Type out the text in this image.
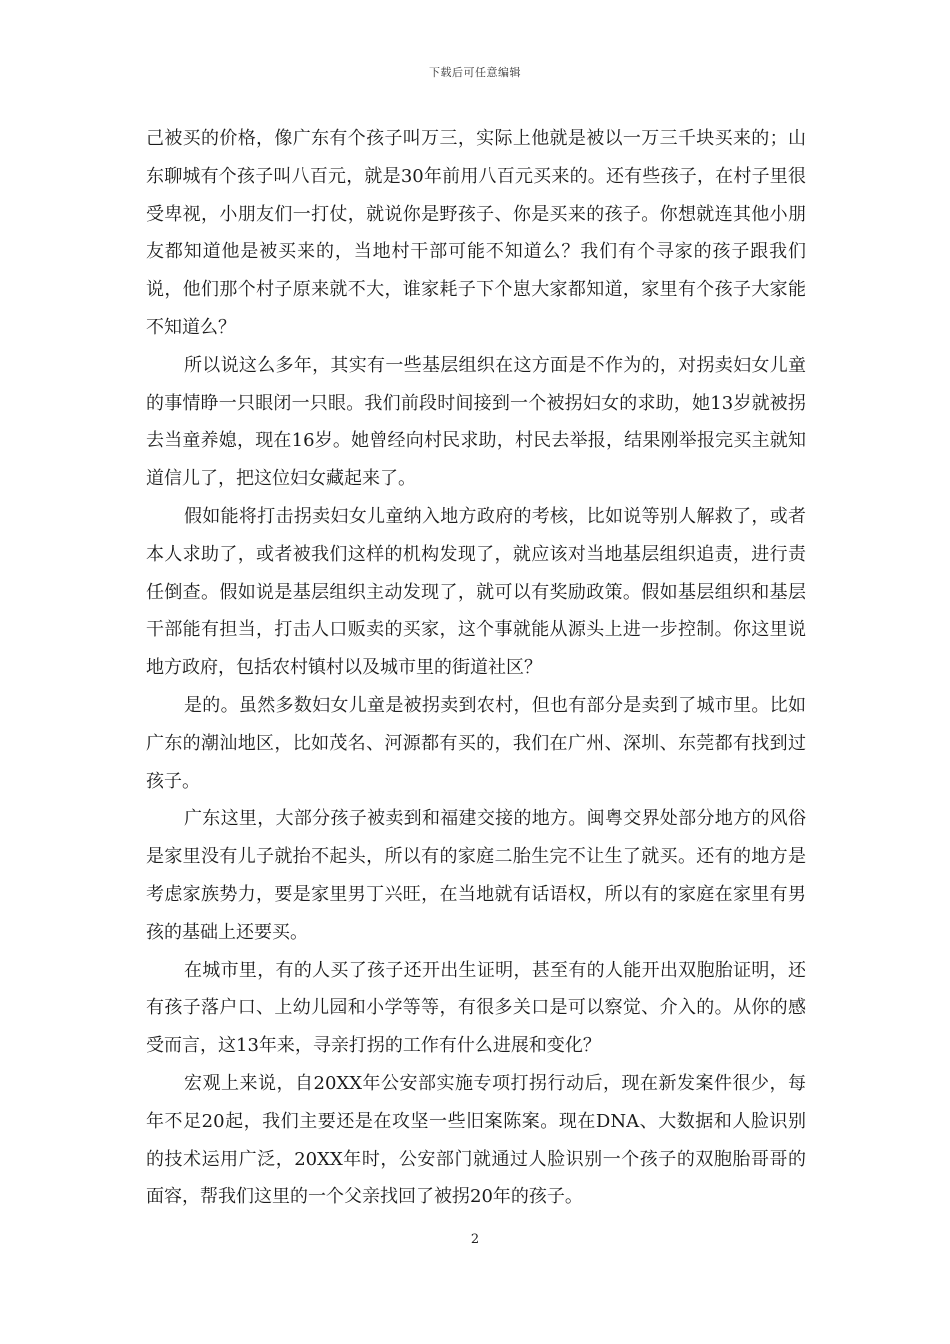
下载后可任意编辑

己被买的价格，像广东有个孩子叫万三，实际上他就是被以一万三千块买来的；山东聊城有个孩子叫八百元，就是30年前用八百元买来的。还有些孩子，在村子里很受卑视，小朋友们一打仗，就说你是野孩子、你是买来的孩子。你想就连其他小朋友都知道他是被买来的，当地村干部可能不知道么？我们有个寻家的孩子跟我们说，他们那个村子原来就不大，谁家耗子下个崽大家都知道，家里有个孩子大家能不知道么？

所以说这么多年，其实有一些基层组织在这方面是不作为的，对拐卖妇女儿童的事情睁一只眼闭一只眼。我们前段时间接到一个被拐妇女的求助，她13岁就被拐去当童养媳，现在16岁。她曾经向村民求助，村民去举报，结果刚举报完买主就知道信儿了，把这位妇女藏起来了。

假如能将打击拐卖妇女儿童纳入地方政府的考核，比如说等别人解救了，或者本人求助了，或者被我们这样的机构发现了，就应该对当地基层组织追责，进行责任倒查。假如说是基层组织主动发现了，就可以有奖励政策。假如基层组织和基层干部能有担当，打击人口贩卖的买家，这个事就能从源头上进一步控制。你这里说地方政府，包括农村镇村以及城市里的街道社区？

是的。虽然多数妇女儿童是被拐卖到农村，但也有部分是卖到了城市里。比如广东的潮汕地区，比如茂名、河源都有买的，我们在广州、深圳、东莞都有找到过孩子。

广东这里，大部分孩子被卖到和福建交接的地方。闽粤交界处部分地方的风俗是家里没有儿子就抬不起头，所以有的家庭二胎生完不让生了就买。还有的地方是考虑家族势力，要是家里男丁兴旺，在当地就有话语权，所以有的家庭在家里有男孩的基础上还要买。

在城市里，有的人买了孩子还开出生证明，甚至有的人能开出双胞胎证明，还有孩子落户口、上幼儿园和小学等等，有很多关口是可以察觉、介入的。从你的感受而言，这13年来，寻亲打拐的工作有什么进展和变化？

宏观上来说，自20XX年公安部实施专项打拐行动后，现在新发案件很少，每年不足20起，我们主要还是在攻坚一些旧案陈案。现在DNA、大数据和人脸识别的技术运用广泛，20XX年时，公安部门就通过人脸识别一个孩子的双胞胎哥哥的面容，帮我们这里的一个父亲找回了被拐20年的孩子。

2
